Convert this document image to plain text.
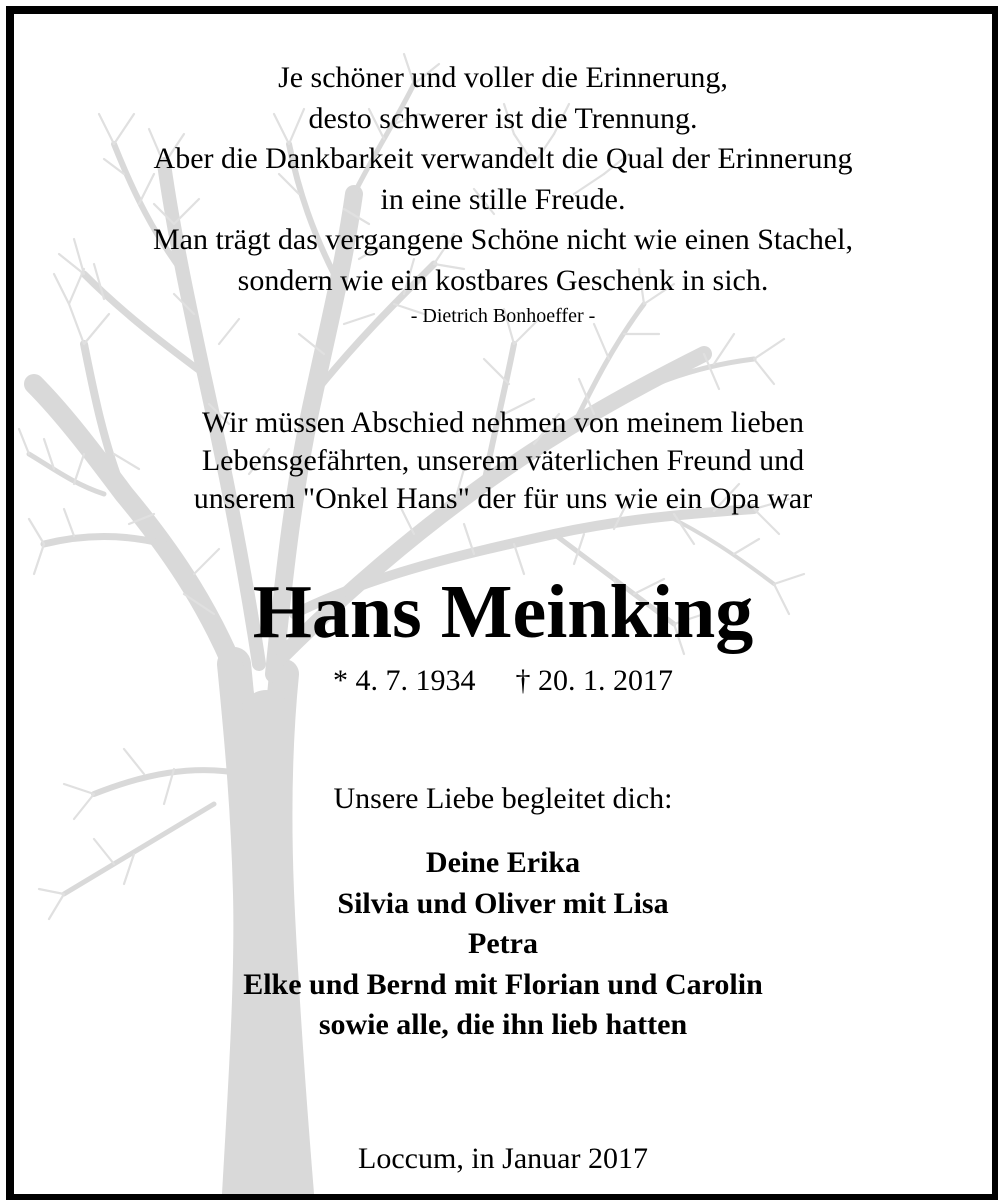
Je schöner und voller die Erinnerung,
desto schwerer ist die Trennung.
Aber die Dankbarkeit verwandelt die Qual der Erinnerung
in eine stille Freude.
Man trägt das vergangene Schöne nicht wie einen Stachel,
sondern wie ein kostbares Geschenk in sich.
- Dietrich Bonhoeffer -
Wir müssen Abschied nehmen von meinem lieben
Lebensgefährten, unserem väterlichen Freund und
unserem "Onkel Hans" der für uns wie ein Opa war
Hans Meinking
* 4. 7. 1934 † 20. 1. 2017
Unsere Liebe begleitet dich:
Deine Erika
Silvia und Oliver mit Lisa
Petra
Elke und Bernd mit Florian und Carolin
sowie alle, die ihn lieb hatten
Loccum, in Januar 2017
